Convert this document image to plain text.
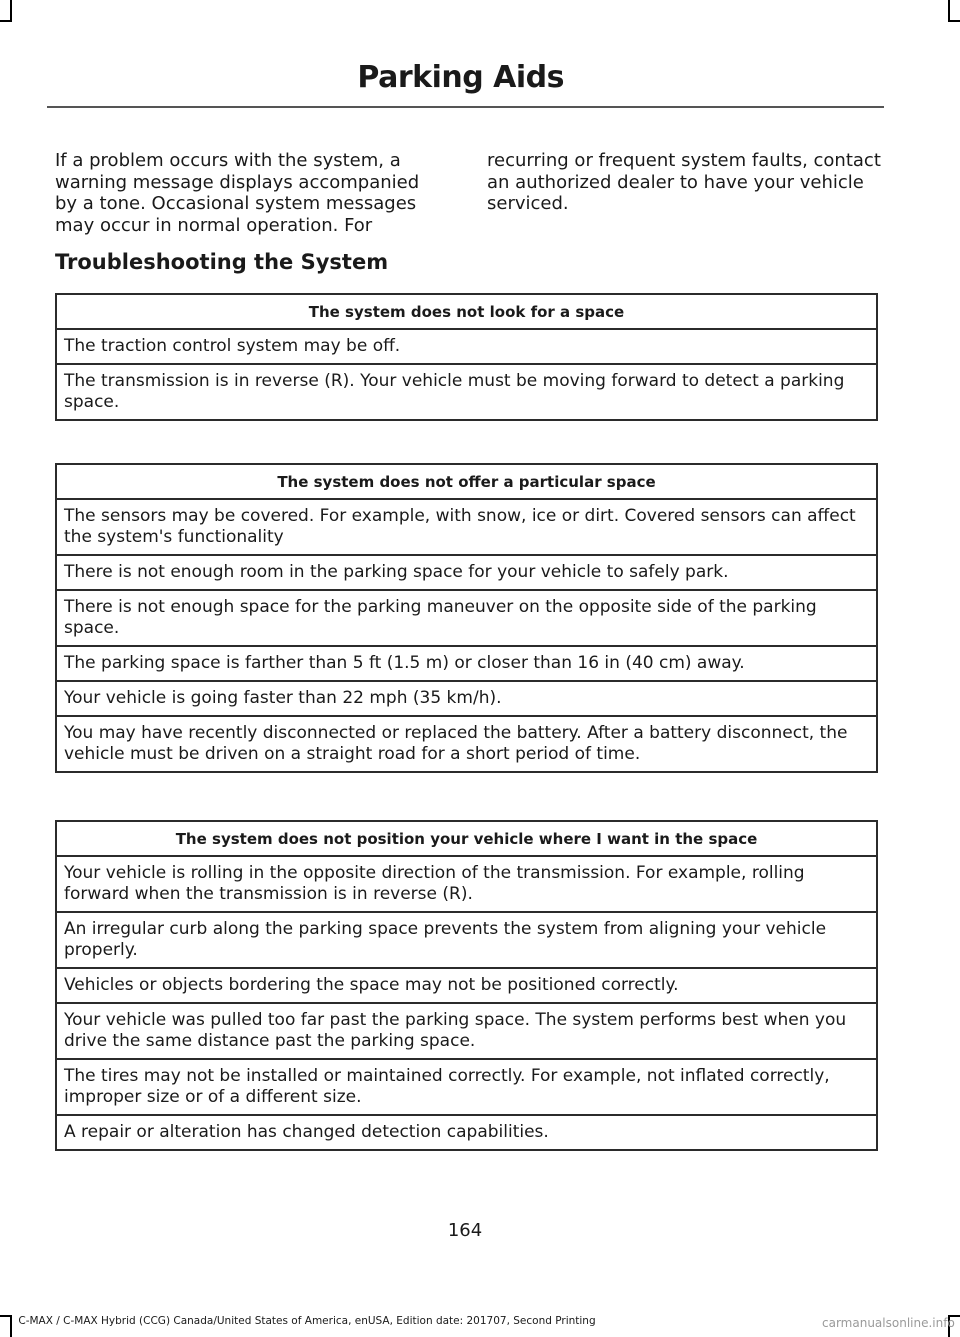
Parking Aids

If a problem occurs with the system, a warning message displays accompanied by a tone. Occasional system messages may occur in normal operation. For

recurring or frequent system faults, contact an authorized dealer to have your vehicle serviced.

Troubleshooting the System
The system does not look for a space
The traction control system may be off.
The transmission is in reverse (R). Your vehicle must be moving forward to detect a parking space.
The system does not offer a particular space
The sensors may be covered. For example, with snow, ice or dirt. Covered sensors can affect the system's functionality
There is not enough room in the parking space for your vehicle to safely park.
There is not enough space for the parking maneuver on the opposite side of the parking space.
The parking space is farther than 5 ft (1.5 m) or closer than 16 in (40 cm) away.
Your vehicle is going faster than 22 mph (35 km/h).
You may have recently disconnected or replaced the battery. After a battery disconnect, the vehicle must be driven on a straight road for a short period of time.
The system does not position your vehicle where I want in the space
Your vehicle is rolling in the opposite direction of the transmission. For example, rolling forward when the transmission is in reverse (R).
An irregular curb along the parking space prevents the system from aligning your vehicle properly.
Vehicles or objects bordering the space may not be positioned correctly.
Your vehicle was pulled too far past the parking space. The system performs best when you drive the same distance past the parking space.
The tires may not be installed or maintained correctly. For example, not inflated correctly, improper size or of a different size.
A repair or alteration has changed detection capabilities.
164
C-MAX / C-MAX Hybrid (CCG) Canada/United States of America, enUSA, Edition date: 201707, Second Printing	carmanualsonline.info
